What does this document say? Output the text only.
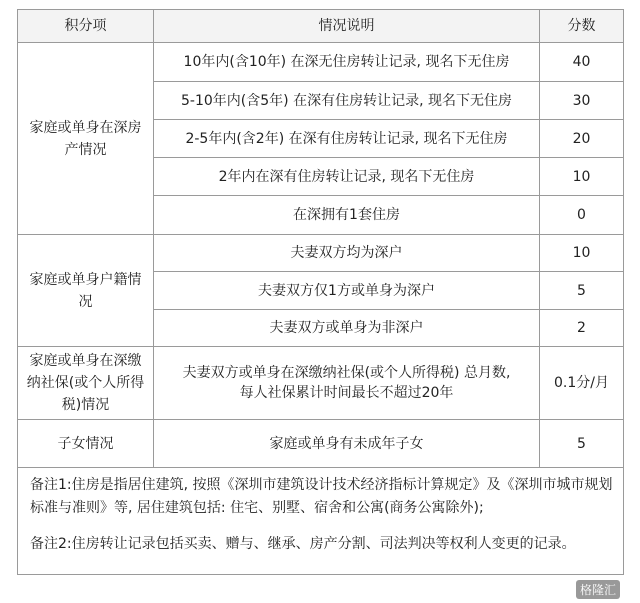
积分项	情况说明	分数
家庭或单身在深房产情况	10年内(含10年) 在深无住房转让记录, 现名下无住房	40
	5-10年内(含5年) 在深有住房转让记录, 现名下无住房	30
	2-5年内(含2年) 在深有住房转让记录, 现名下无住房	20
	2年内在深有住房转让记录, 现名下无住房	10
	在深拥有1套住房	0
家庭或单身户籍情况	夫妻双方均为深户	10
	夫妻双方仅1方或单身为深户	5
	夫妻双方或单身为非深户	2
家庭或单身在深缴纳社保(或个人所得税)情况	夫妻双方或单身在深缴纳社保(或个人所得税) 总月数,
每人社保累计时间最长不超过20年	0.1分/月
子女情况	家庭或单身有未成年子女	5

备注1:住房是指居住建筑, 按照《深圳市建筑设计技术经济指标计算规定》及《深圳市城市规划标准与准则》等, 居住建筑包括: 住宅、别墅、宿舍和公寓(商务公寓除外);

备注2:住房转让记录包括买卖、赠与、继承、房产分割、司法判决等权利人变更的记录。		

格隆汇
